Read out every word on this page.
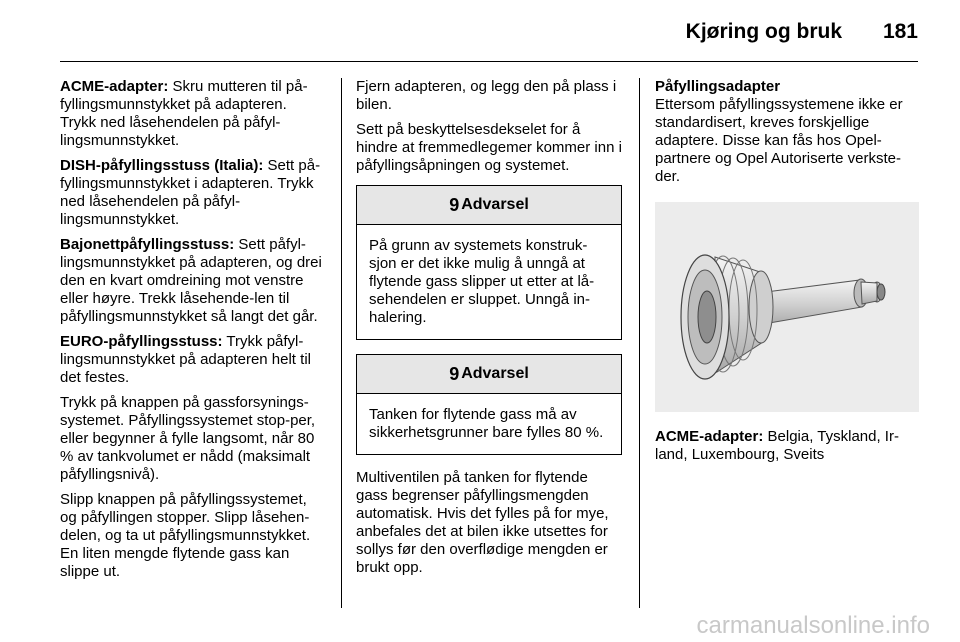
Kjøring og bruk 181

ACME-adapter: Skru mutteren til på-fyllingsmunnstykket på adapteren. Trykk ned låsehendelen på påfyl-lingsmunnstykket.

DISH-påfyllingsstuss (Italia): Sett på-fyllingsmunnstykket i adapteren. Trykk ned låsehendelen på påfyl-lingsmunnstykket.

Bajonettpåfyllingsstuss: Sett påfyl-lingsmunnstykket på adapteren, og drei den en kvart omdreining mot venstre eller høyre. Trekk låsehende-len til påfyllingsmunnstykket så langt det går.

EURO-påfyllingsstuss: Trykk påfyl-lingsmunnstykket på adapteren helt til det festes.

Trykk på knappen på gassforsynings-systemet. Påfyllingssystemet stop-per, eller begynner å fylle langsomt, når 80 % av tankvolumet er nådd (maksimalt påfyllingsnivå).

Slipp knappen på påfyllingssystemet, og påfyllingen stopper. Slipp låsehen-delen, og ta ut påfyllingsmunnstykket. En liten mengde flytende gass kan slippe ut.

Fjern adapteren, og legg den på plass i bilen.

Sett på beskyttelsesdekselet for å hindre at fremmedlegemer kommer inn i påfyllingsåpningen og systemet.

9 Advarsel
På grunn av systemets konstruk-sjon er det ikke mulig å unngå at flytende gass slipper ut etter at lå-sehendelen er sluppet. Unngå in-halering.
9 Advarsel
Tanken for flytende gass må av sikkerhetsgrunner bare fylles 80 %.

Multiventilen på tanken for flytende gass begrenser påfyllingsmengden automatisk. Hvis det fylles på for mye, anbefales det at bilen ikke utsettes for sollys før den overflødige mengden er brukt opp.

Påfyllingsadapter

Ettersom påfyllingssystemene ikke er standardisert, kreves forskjellige adaptere. Disse kan fås hos Opel-partnere og Opel Autoriserte verkste-der.

ACME-adapter: Belgia, Tyskland, Ir-land, Luxembourg, Sveits

carmanualsonline.info
